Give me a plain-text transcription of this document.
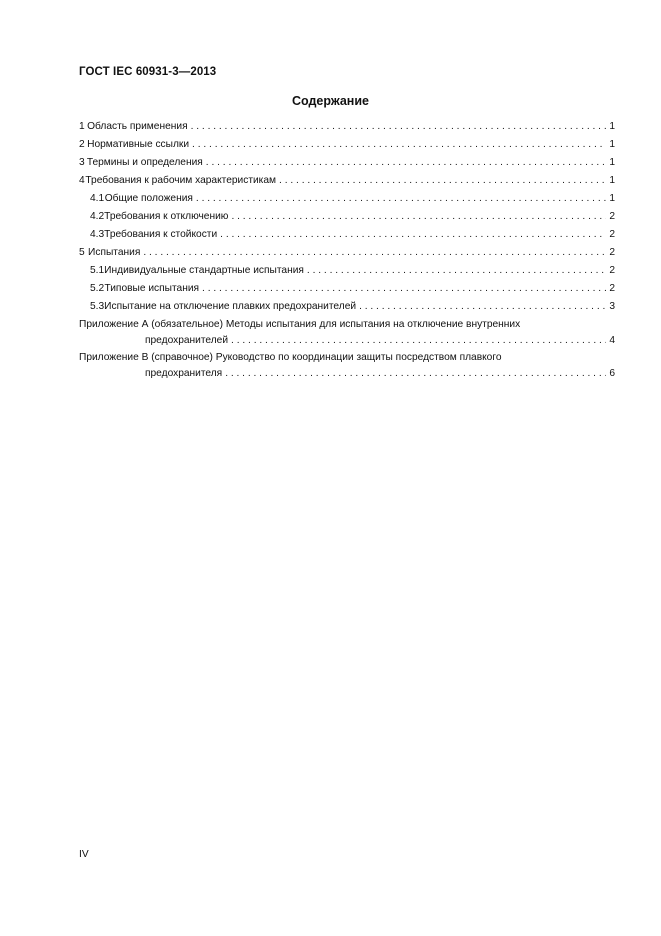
ГОСТ IEC 60931-3—2013
Содержание
1 Область применения . . .	1
2 Нормативные ссылки . . .	1
3 Термины и определения . . .	1
4 Требования к рабочим характеристикам . . .	1
4.1 Общие положения . . .	1
4.2 Требования к отключению . . .	2
4.3 Требования к стойкости . . .	2
5 Испытания . . .	2
5.1 Индивидуальные стандартные испытания . . .	2
5.2 Типовые испытания . . .	2
5.3 Испытание на отключение плавких предохранителей . . .	3
Приложение А (обязательное) Методы испытания для испытания на отключение внутренних
предохранителей . . .	4
Приложение В (справочное) Руководство по координации защиты посредством плавкого
предохранителя . . .	6
IV
